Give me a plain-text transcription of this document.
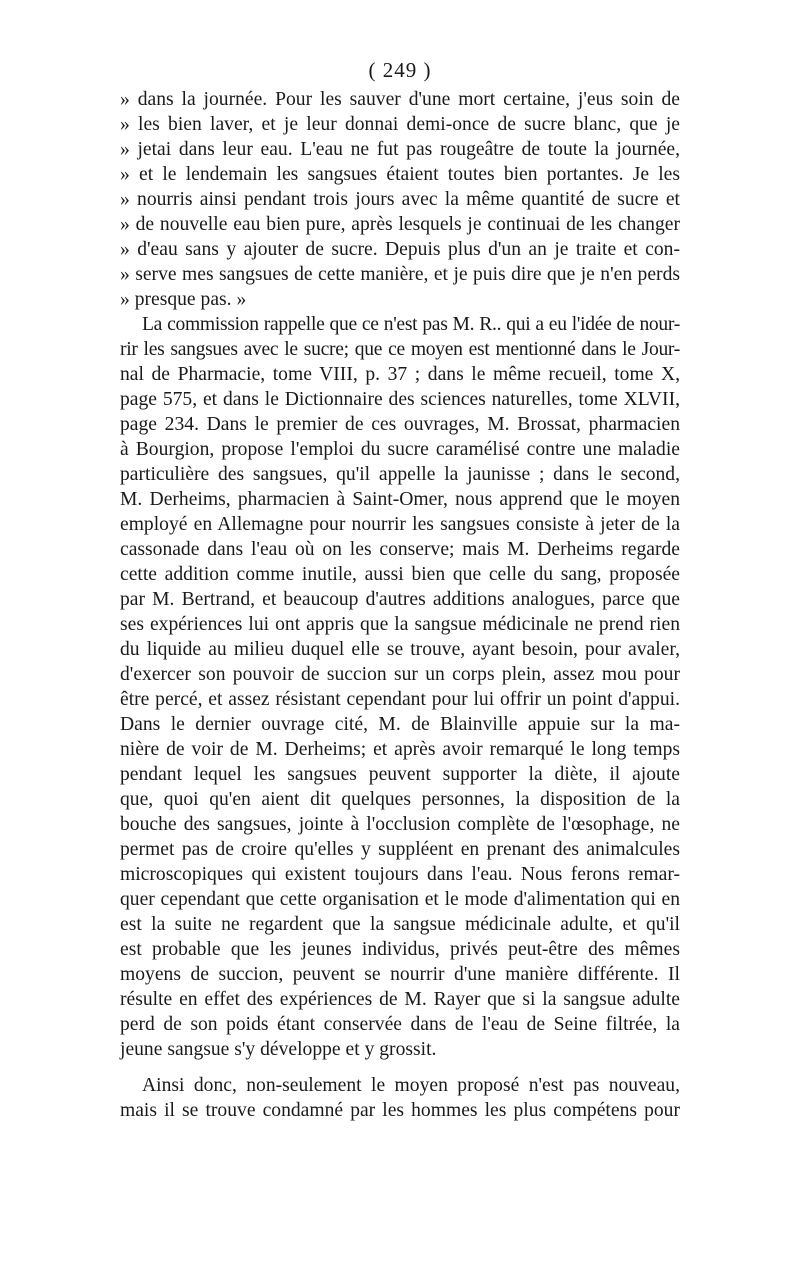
( 249 )
» dans la journée. Pour les sauver d'une mort certaine, j'eus soin de
» les bien laver, et je leur donnai demi-once de sucre blanc, que je
» jetai dans leur eau. L'eau ne fut pas rougeâtre de toute la journée,
» et le lendemain les sangsues étaient toutes bien portantes. Je les
» nourris ainsi pendant trois jours avec la même quantité de sucre et
» de nouvelle eau bien pure, après lesquels je continuai de les changer
» d'eau sans y ajouter de sucre. Depuis plus d'un an je traite et con-
» serve mes sangsues de cette manière, et je puis dire que je n'en perds
» presque pas. »
La commission rappelle que ce n'est pas M. R.. qui a eu l'idée de nour-
rir les sangsues avec le sucre; que ce moyen est mentionné dans le Jour-
nal de Pharmacie, tome VIII, p. 37 ; dans le même recueil, tome X,
page 575, et dans le Dictionnaire des sciences naturelles, tome XLVII,
page 234. Dans le premier de ces ouvrages, M. Brossat, pharmacien
à Bourgion, propose l'emploi du sucre caramélisé contre une maladie
particulière des sangsues, qu'il appelle la jaunisse ; dans le second,
M. Derheims, pharmacien à Saint-Omer, nous apprend que le moyen
employé en Allemagne pour nourrir les sangsues consiste à jeter de la
cassonade dans l'eau où on les conserve; mais M. Derheims regarde
cette addition comme inutile, aussi bien que celle du sang, proposée
par M. Bertrand, et beaucoup d'autres additions analogues, parce que
ses expériences lui ont appris que la sangsue médicinale ne prend rien
du liquide au milieu duquel elle se trouve, ayant besoin, pour avaler,
d'exercer son pouvoir de succion sur un corps plein, assez mou pour
être percé, et assez résistant cependant pour lui offrir un point d'appui.
Dans le dernier ouvrage cité, M. de Blainville appuie sur la ma-
nière de voir de M. Derheims; et après avoir remarqué le long temps
pendant lequel les sangsues peuvent supporter la diète, il ajoute
que, quoi qu'en aient dit quelques personnes, la disposition de la
bouche des sangsues, jointe à l'occlusion complète de l'œsophage, ne
permet pas de croire qu'elles y suppléent en prenant des animalcules
microscopiques qui existent toujours dans l'eau. Nous ferons remar-
quer cependant que cette organisation et le mode d'alimentation qui en
est la suite ne regardent que la sangsue médicinale adulte, et qu'il
est probable que les jeunes individus, privés peut-être des mêmes
moyens de succion, peuvent se nourrir d'une manière différente. Il
résulte en effet des expériences de M. Rayer que si la sangsue adulte
perd de son poids étant conservée dans de l'eau de Seine filtrée, la
jeune sangsue s'y développe et y grossit.
Ainsi donc, non-seulement le moyen proposé n'est pas nouveau,
mais il se trouve condamné par les hommes les plus compétens pour
